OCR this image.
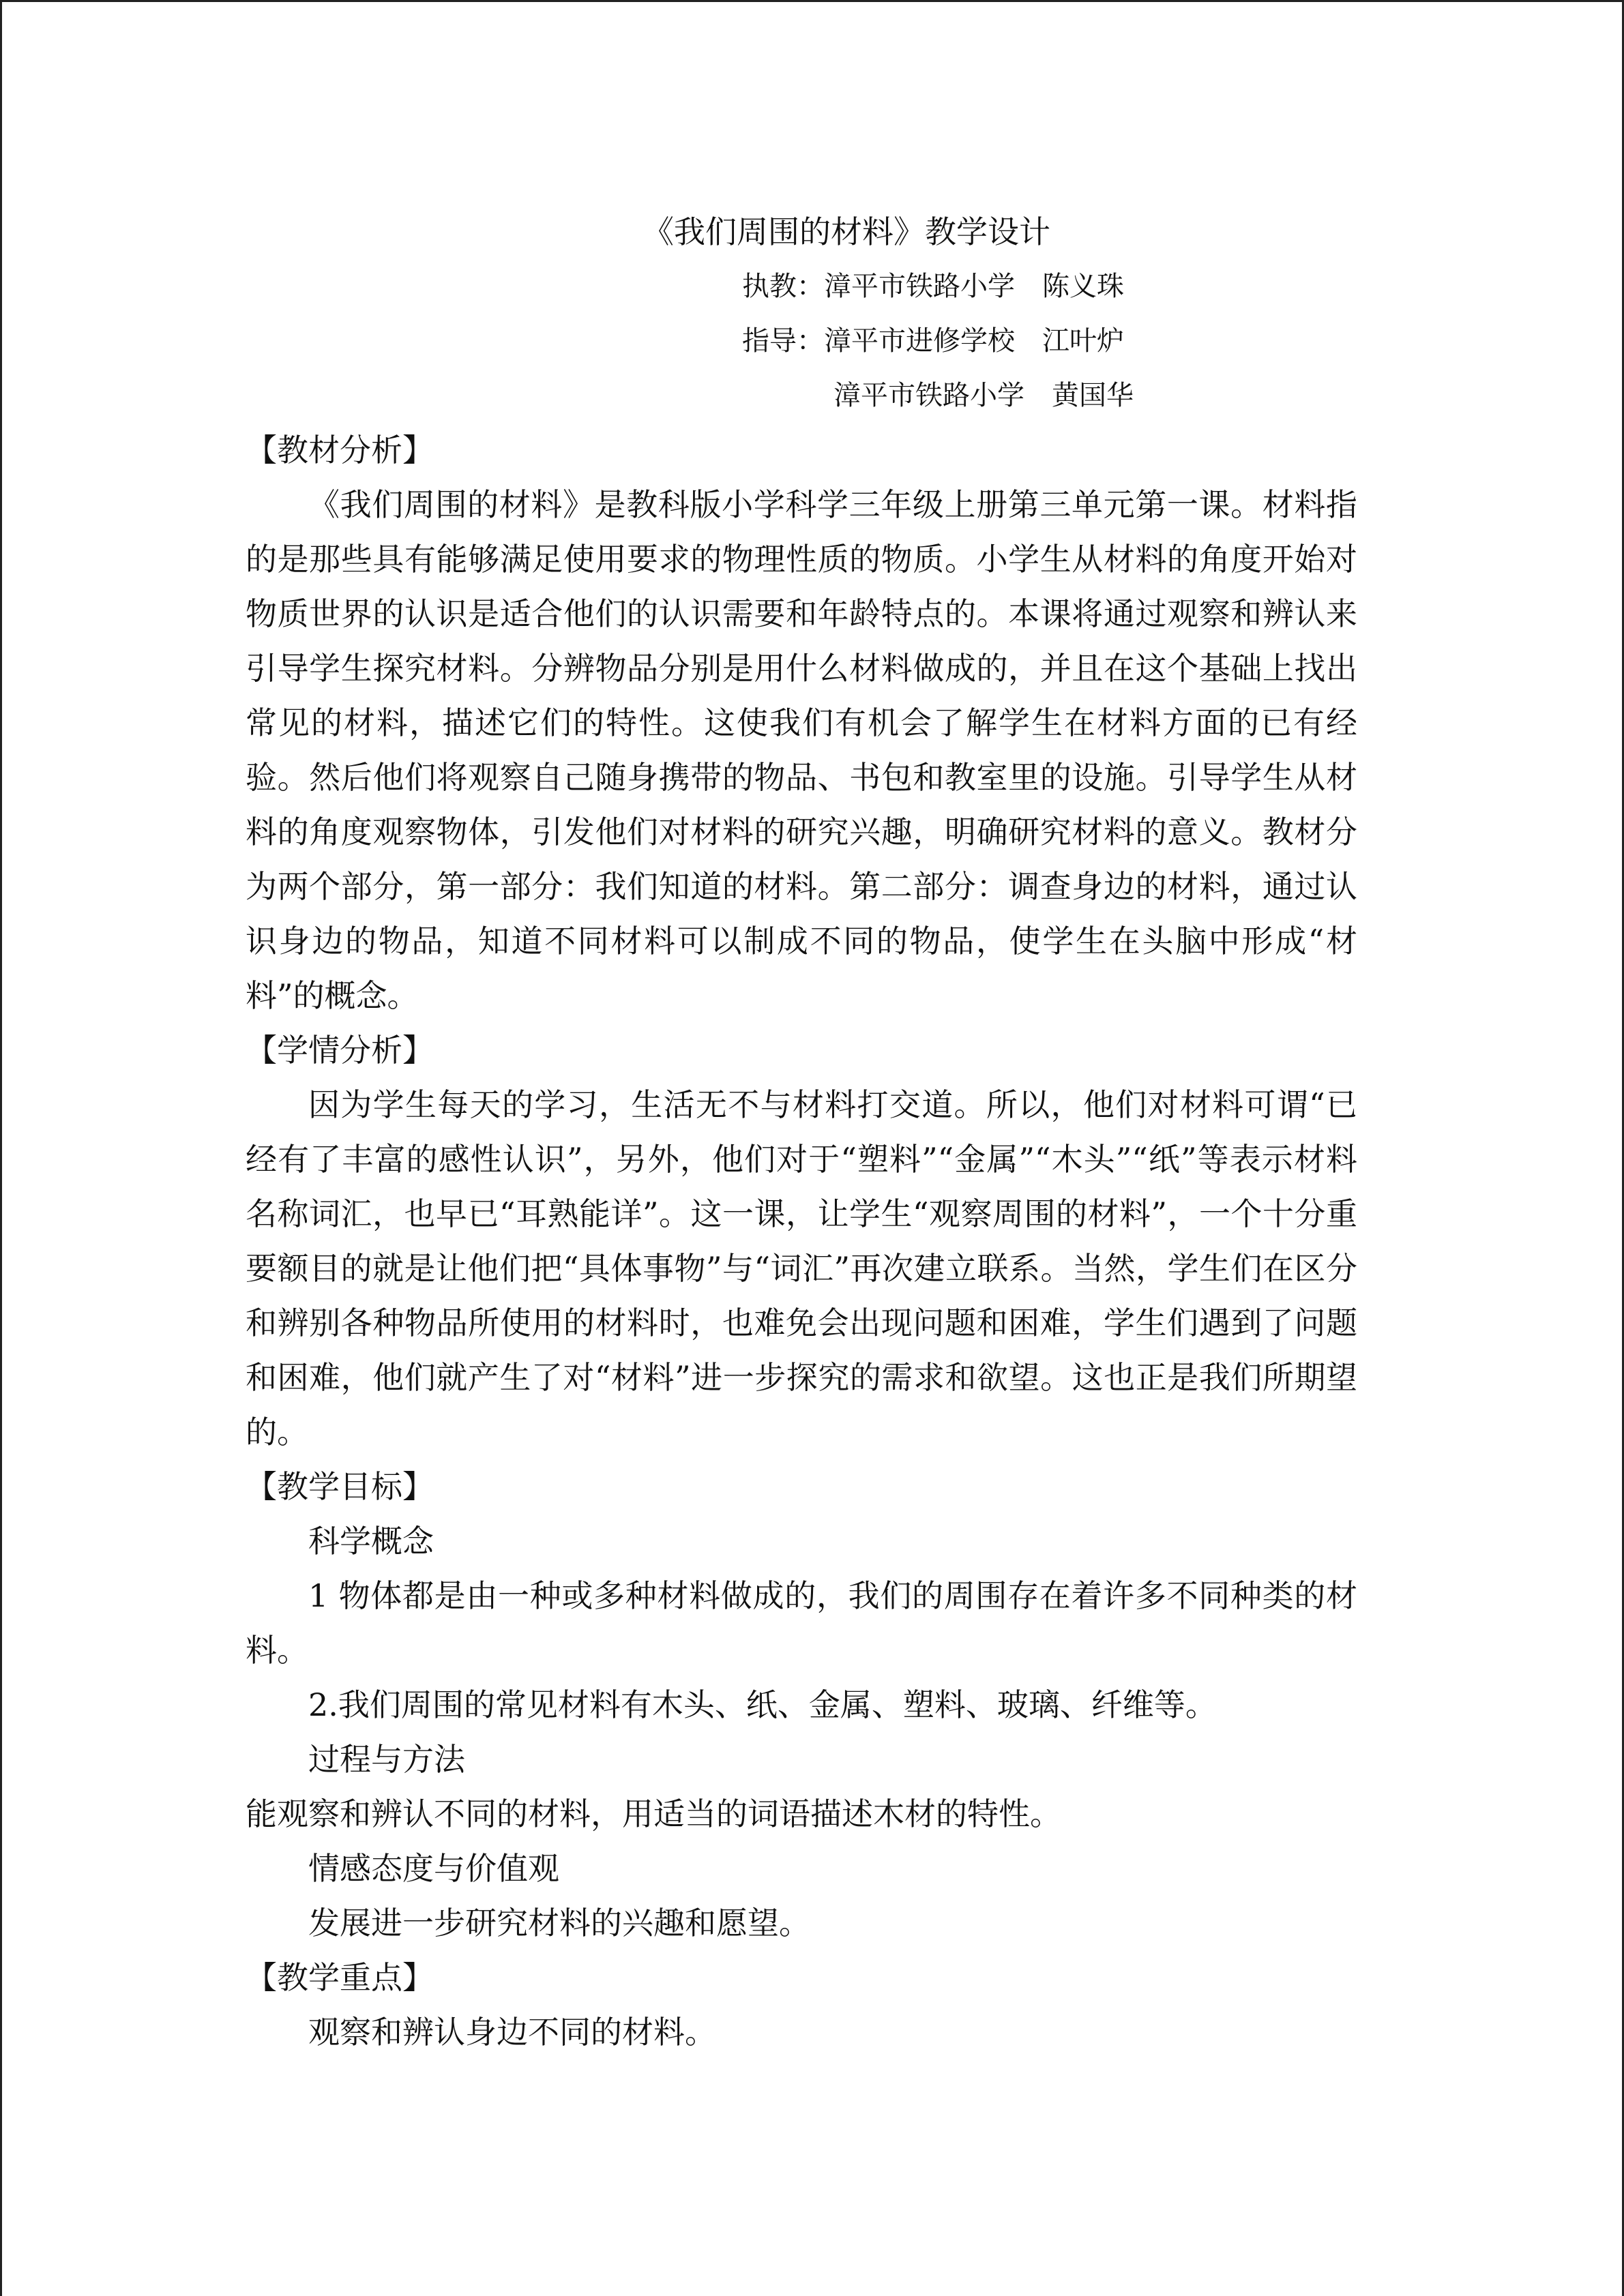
《我们周围的材料》教学设计

执教：漳平市铁路小学　陈义珠

指导：漳平市进修学校　江叶炉

漳平市铁路小学　黄国华

【教材分析】

《我们周围的材料》是教科版小学科学三年级上册第三单元第一课。材料指的是那些具有能够满足使用要求的物理性质的物质。小学生从材料的角度开始对物质世界的认识是适合他们的认识需要和年龄特点的。本课将通过观察和辨认来引导学生探究材料。分辨物品分别是用什么材料做成的，并且在这个基础上找出常见的材料，描述它们的特性。这使我们有机会了解学生在材料方面的已有经验。然后他们将观察自己随身携带的物品、书包和教室里的设施。引导学生从材料的角度观察物体，引发他们对材料的研究兴趣，明确研究材料的意义。教材分为两个部分，第一部分：我们知道的材料。第二部分：调查身边的材料，通过认识身边的物品，知道不同材料可以制成不同的物品，使学生在头脑中形成“材料”的概念。

【学情分析】

因为学生每天的学习，生活无不与材料打交道。所以，他们对材料可谓“已经有了丰富的感性认识”，另外，他们对于“塑料”“金属”“木头”“纸”等表示材料名称词汇，也早已“耳熟能详”。这一课，让学生“观察周围的材料”，一个十分重要额目的就是让他们把“具体事物”与“词汇”再次建立联系。当然，学生们在区分和辨别各种物品所使用的材料时，也难免会出现问题和困难，学生们遇到了问题和困难，他们就产生了对“材料”进一步探究的需求和欲望。这也正是我们所期望的。

【教学目标】

科学概念

1 物体都是由一种或多种材料做成的，我们的周围存在着许多不同种类的材料。

2.我们周围的常见材料有木头、纸、金属、塑料、玻璃、纤维等。

过程与方法

能观察和辨认不同的材料，用适当的词语描述木材的特性。

情感态度与价值观

发展进一步研究材料的兴趣和愿望。

【教学重点】

观察和辨认身边不同的材料。
